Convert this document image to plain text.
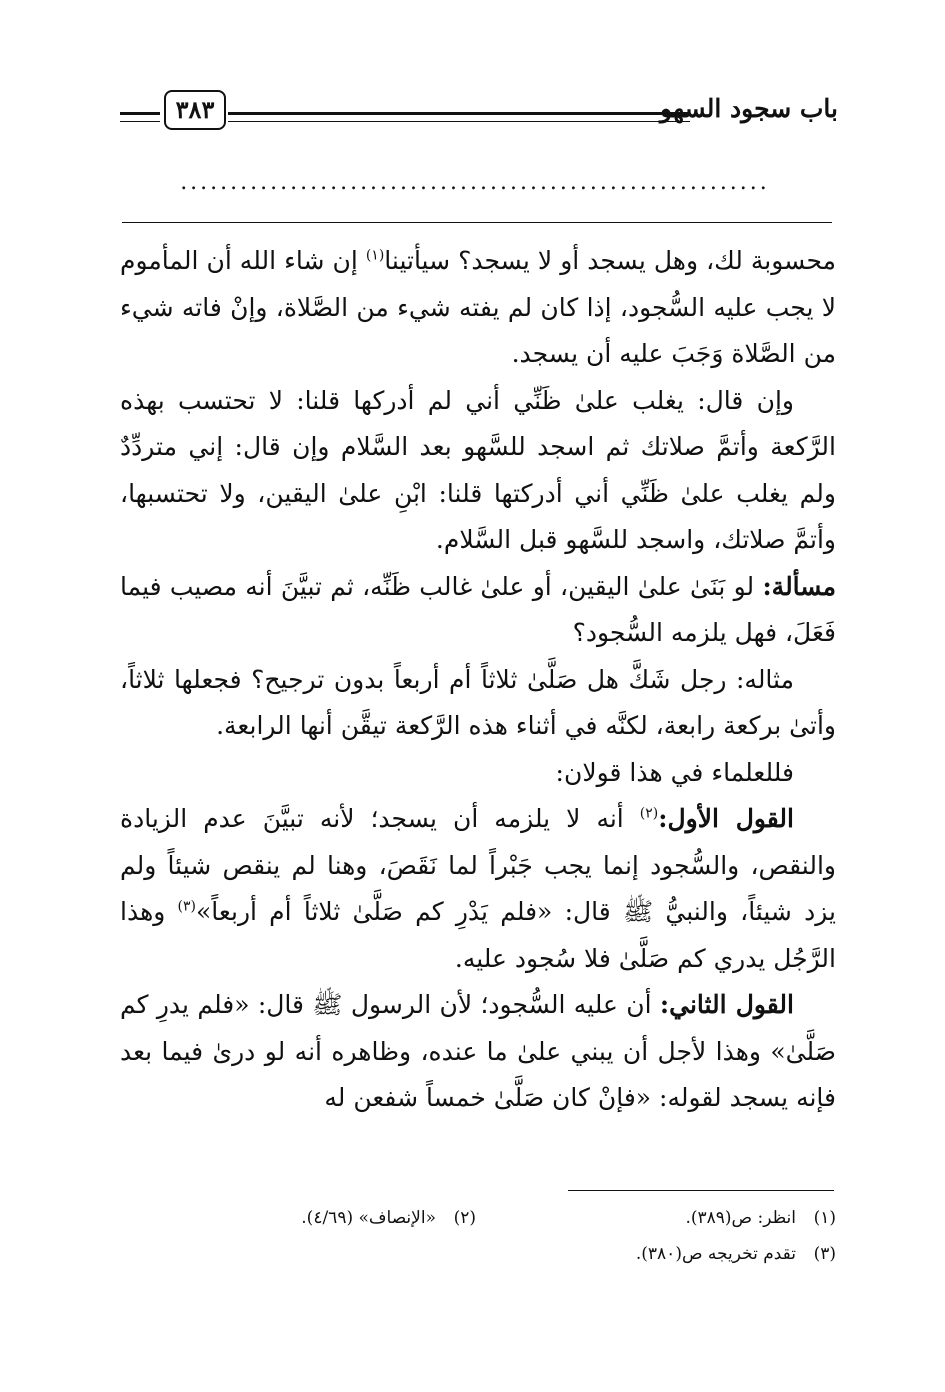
باب سجود السهو
٣٨٣
...........................................................

محسوبة لك، وهل يسجد أو لا يسجد؟ سيأتينا$^{(١)}$ إن شاء الله أن المأموم لا يجب عليه السُّجود، إذا كان لم يفته شيء من الصَّلاة، وإنْ فاته شيء من الصَّلاة وَجَبَ عليه أن يسجد.

وإن قال: يغلب علىٰ ظَنِّي أني لم أدركها قلنا: لا تحتسب بهذه الرَّكعة وأتمَّ صلاتك ثم اسجد للسَّهو بعد السَّلام وإن قال: إني متردِّدٌ ولم يغلب علىٰ ظَنِّي أني أدركتها قلنا: ابْنِ علىٰ اليقين، ولا تحتسبها، وأتمَّ صلاتك، واسجد للسَّهو قبل السَّلام.

مسألة: لو بَنَىٰ علىٰ اليقين، أو علىٰ غالب ظَنِّه، ثم تبيَّنَ أنه مصيب فيما فَعَلَ، فهل يلزمه السُّجود؟

مثاله: رجل شَكَّ هل صَلَّىٰ ثلاثاً أم أربعاً بدون ترجيح؟ فجعلها ثلاثاً، وأتىٰ بركعة رابعة، لكنَّه في أثناء هذه الرَّكعة تيقَّن أنها الرابعة.

فللعلماء في هذا قولان:

القول الأول:$^{(٢)}$ أنه لا يلزمه أن يسجد؛ لأنه تبيَّنَ عدم الزيادة والنقص، والسُّجود إنما يجب جَبْراً لما نَقَصَ، وهنا لم ينقص شيئاً ولم يزد شيئاً، والنبيُّ ﷺ قال: «فلم يَدْرِ كم صَلَّىٰ ثلاثاً أم أربعاً»$^{(٣)}$ وهذا الرَّجُل يدري كم صَلَّىٰ فلا سُجود عليه.

القول الثاني: أن عليه السُّجود؛ لأن الرسول ﷺ قال: «فلم يدرِ كم صَلَّىٰ» وهذا لأجل أن يبني علىٰ ما عنده، وظاهره أنه لو درىٰ فيما بعد فإنه يسجد لقوله: «فإنْ كان صَلَّىٰ خمساً شفعن له

(١)انظر: ص(٣٨٩).
(٢)«الإنصاف» (٤/٦٩).
(٣)تقدم تخريجه ص(٣٨٠).
